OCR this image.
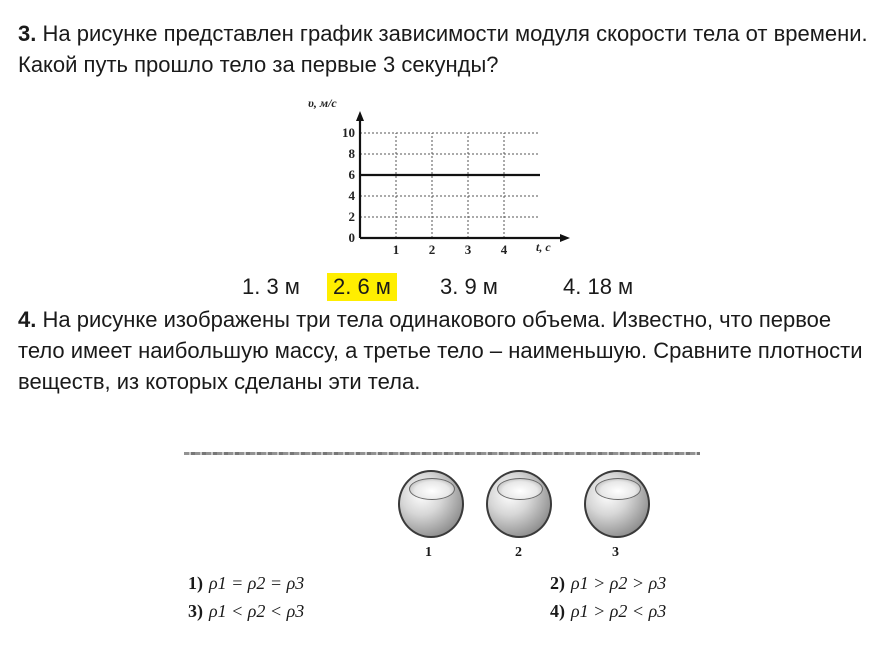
3. На рисунке представлен график зависимости модуля скорости тела от времени. Какой путь прошло тело за первые 3 секунды?

0
2
4
6
8
10
1 2 3 4
υ, м/с
t, с
1. 3 м 2. 6 м 3. 9 м	4. 18 м

4. На рисунке изображены три тела одинакового объема. Известно, что первое тело имеет наибольшую массу, а третье тело – наименьшую. Сравните плотности веществ, из которых сделаны эти тела.

1	2	3
1) ρ1 = ρ2 = ρ3	2) ρ1 > ρ2 > ρ3
3) ρ1 < ρ2 < ρ3	4) ρ1 > ρ2 < ρ3
